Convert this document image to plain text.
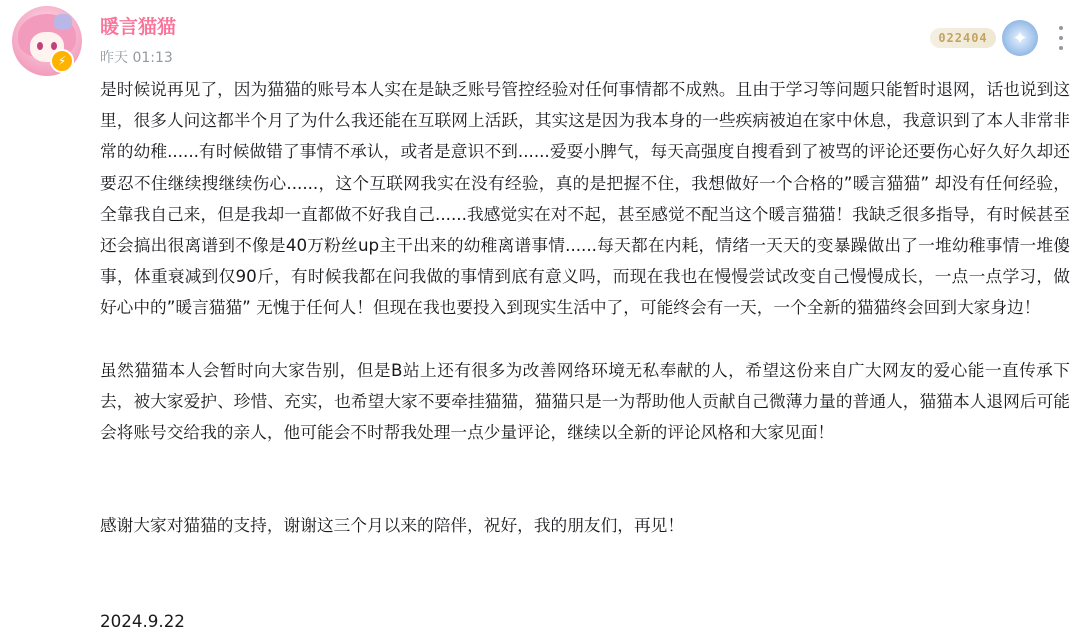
⚡
暖言猫猫
昨天 01:13
022404	✦

是时候说再见了，因为猫猫的账号本人实在是缺乏账号管控经验对任何事情都不成熟。且由于学习等问题只能暂时退网，话也说到这里，很多人问这都半个月了为什么我还能在互联网上活跃，其实这是因为我本身的一些疾病被迫在家中休息，我意识到了本人非常非常的幼稚......有时候做错了事情不承认，或者是意识不到......爱耍小脾气，每天高强度自搜看到了被骂的评论还要伤心好久好久却还要忍不住继续搜继续伤心......，这个互联网我实在没有经验，真的是把握不住，我想做好一个合格的”暖言猫猫” 却没有任何经验，全靠我自己来，但是我却一直都做不好我自己......我感觉实在对不起，甚至感觉不配当这个暖言猫猫！我缺乏很多指导，有时候甚至还会搞出很离谱到不像是40万粉丝up主干出来的幼稚离谱事情......每天都在内耗，情绪一天天的变暴躁做出了一堆幼稚事情一堆傻事，体重衰减到仅90斤，有时候我都在问我做的事情到底有意义吗，而现在我也在慢慢尝试改变自己慢慢成长，一点一点学习，做好心中的”暖言猫猫” 无愧于任何人！但现在我也要投入到现实生活中了，可能终会有一天，一个全新的猫猫终会回到大家身边！

虽然猫猫本人会暂时向大家告别，但是B站上还有很多为改善网络环境无私奉献的人，希望这份来自广大网友的爱心能一直传承下去，被大家爱护、珍惜、充实，也希望大家不要牵挂猫猫，猫猫只是一为帮助他人贡献自己微薄力量的普通人，猫猫本人退网后可能会将账号交给我的亲人，他可能会不时帮我处理一点少量评论，继续以全新的评论风格和大家见面！

感谢大家对猫猫的支持，谢谢这三个月以来的陪伴，祝好，我的朋友们，再见！

2024.9.22
